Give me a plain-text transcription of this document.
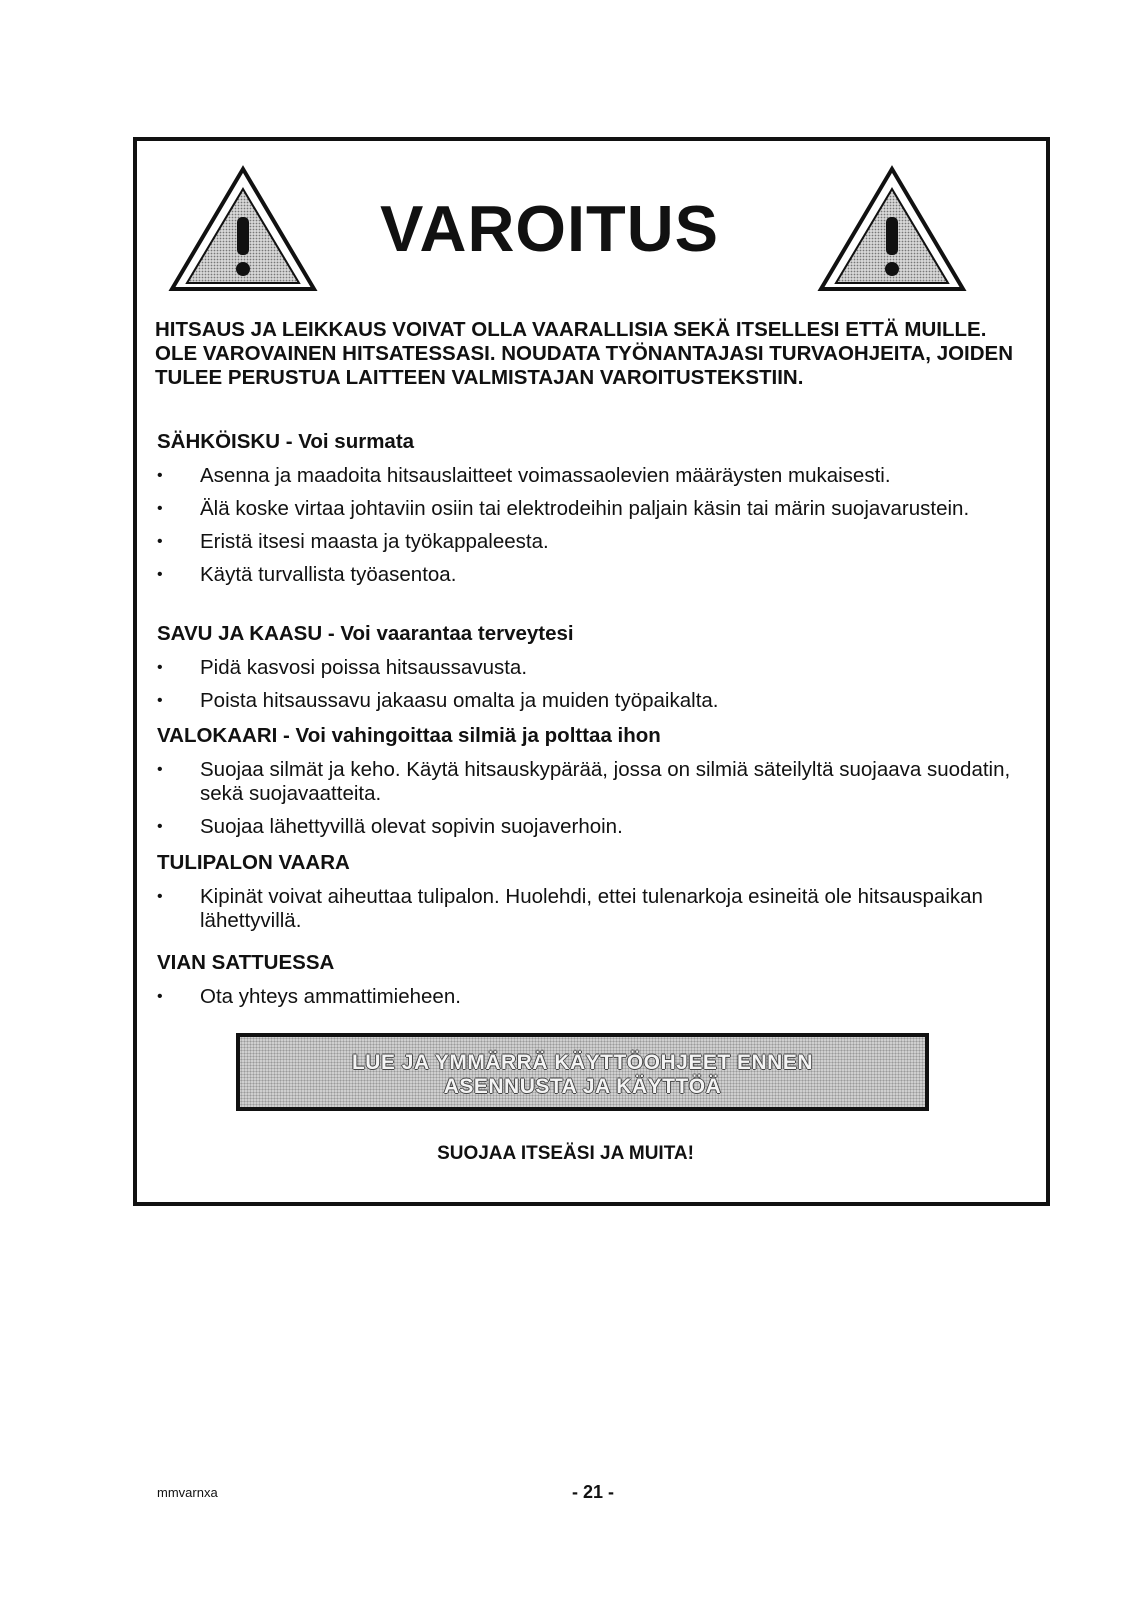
VAROITUS

HITSAUS JA LEIKKAUS VOIVAT OLLA VAARALLISIA SEKÄ ITSELLESI ETTÄ MUILLE. OLE VAROVAINEN HITSATESSASI. NOUDATA TYÖNANTAJASI TURVAOHJEITA, JOIDEN TULEE PERUSTUA LAITTEEN VALMISTAJAN VAROITUSTEKSTIIN.

SÄHKÖISKU - Voi surmata

• Asenna ja maadoita hitsauslaitteet voimassaolevien määräysten mukaisesti.
• Älä koske virtaa johtaviin osiin tai elektrodeihin paljain käsin tai märin suojavarustein.
• Eristä itsesi maasta ja työkappaleesta.
• Käytä turvallista työasentoa.

SAVU JA KAASU - Voi vaarantaa terveytesi

• Pidä kasvosi poissa hitsaussavusta.
• Poista hitsaussavu jakaasu omalta ja muiden työpaikalta.

VALOKAARI - Voi vahingoittaa silmiä ja polttaa ihon

• Suojaa silmät ja keho. Käytä hitsauskypärää, jossa on silmiä säteilyltä suojaava suodatin, sekä suojavaatteita.
• Suojaa lähettyvillä olevat sopivin suojaverhoin.

TULIPALON VAARA

• Kipinät voivat aiheuttaa tulipalon. Huolehdi, ettei tulenarkoja esineitä ole hitsauspaikan lähettyvillä.

VIAN SATTUESSA

• Ota yhteys ammattimieheen.
LUE JA YMMÄRRÄ KÄYTTÖOHJEET ENNEN
ASENNUSTA JA KÄYTTÖÄ
SUOJAA ITSEÄSI JA MUITA!
mmvarnxa	- 21 -
